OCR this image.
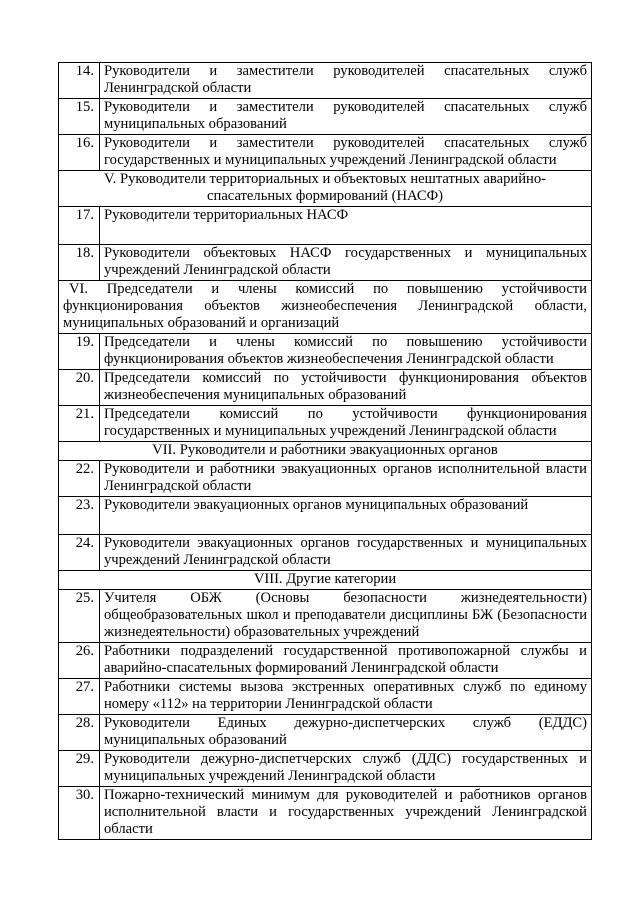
14.	Руководители и заместители руководителей спасательных служб Ленинградской области
15.	Руководители и заместители руководителей спасательных служб муниципальных образований
16.	Руководители и заместители руководителей спасательных служб государственных и муниципальных учреждений Ленинградской области
V. Руководители территориальных и объектовых нештатных аварийно-спасательных формирований (НАСФ)	
17.	Руководители территориальных НАСФ
18.	Руководители объектовых НАСФ государственных и муниципальных учреждений Ленинградской области
VI. Председатели и члены комиссий по повышению устойчивости функционирования объектов жизнеобеспечения Ленинградской области, муниципальных образований и организаций	
19.	Председатели и члены комиссий по повышению устойчивости функционирования объектов жизнеобеспечения Ленинградской области
20.	Председатели комиссий по устойчивости функционирования объектов жизнеобеспечения муниципальных образований
21.	Председатели комиссий по устойчивости функционирования государственных и муниципальных учреждений Ленинградской области
VII. Руководители и работники эвакуационных органов	
22.	Руководители и работники эвакуационных органов исполнительной власти Ленинградской области
23.	Руководители эвакуационных органов муниципальных образований
24.	Руководители эвакуационных органов государственных и муниципальных учреждений Ленинградской области
VIII. Другие категории	
25.	Учителя ОБЖ (Основы безопасности жизнедеятельности) общеобразовательных школ и преподаватели дисциплины БЖ (Безопасности жизнедеятельности) образовательных учреждений
26.	Работники подразделений государственной противопожарной службы и аварийно-спасательных формирований Ленинградской области
27.	Работники системы вызова экстренных оперативных служб по единому номеру «112» на территории Ленинградской области
28.	Руководители Единых дежурно-диспетчерских служб (ЕДДС) муниципальных образований
29.	Руководители дежурно-диспетчерских служб (ДДС) государственных и муниципальных учреждений Ленинградской области
30.	Пожарно-технический минимум для руководителей и работников органов исполнительной власти и государственных учреждений Ленинградской области
